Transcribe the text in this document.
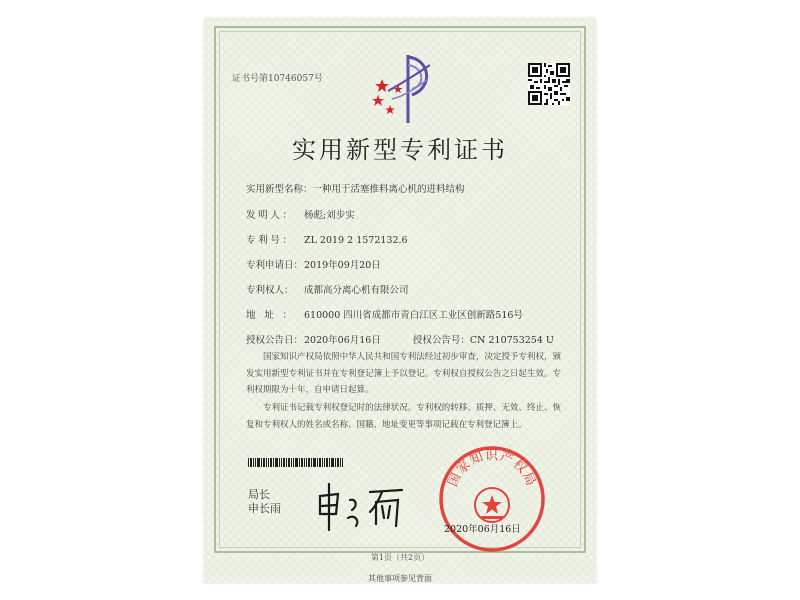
证书号第10746057号
实用新型专利证书
实用新型名称：一种用于活塞推料离心机的进料结构
发明人： 杨彪;刘步实
专利号： ZL 2019 2 1572132.6
专利申请日：2019年09月20日
专利权人： 成都高分离心机有限公司
地址： 610000 四川省成都市青白江区工业区创新路516号
授权公告日：2020年06月16日	授权公告号：CN 210753254 U
国家知识产权局依照中华人民共和国专利法经过初步审查，决定授予专利权，颁发实用新型专利证书并在专利登记簿上予以登记。专利权自授权公告之日起生效。专利权期限为十年，自申请日起算。
专利证书记载专利权登记时的法律状况。专利权的转移、质押、无效、终止、恢复和专利权人的姓名或名称、国籍、地址变更等事项记载在专利登记簿上。
局长
申长雨
国家知识产权局
2020年06月16日
第1页（共2页）
其他事项参见背面
